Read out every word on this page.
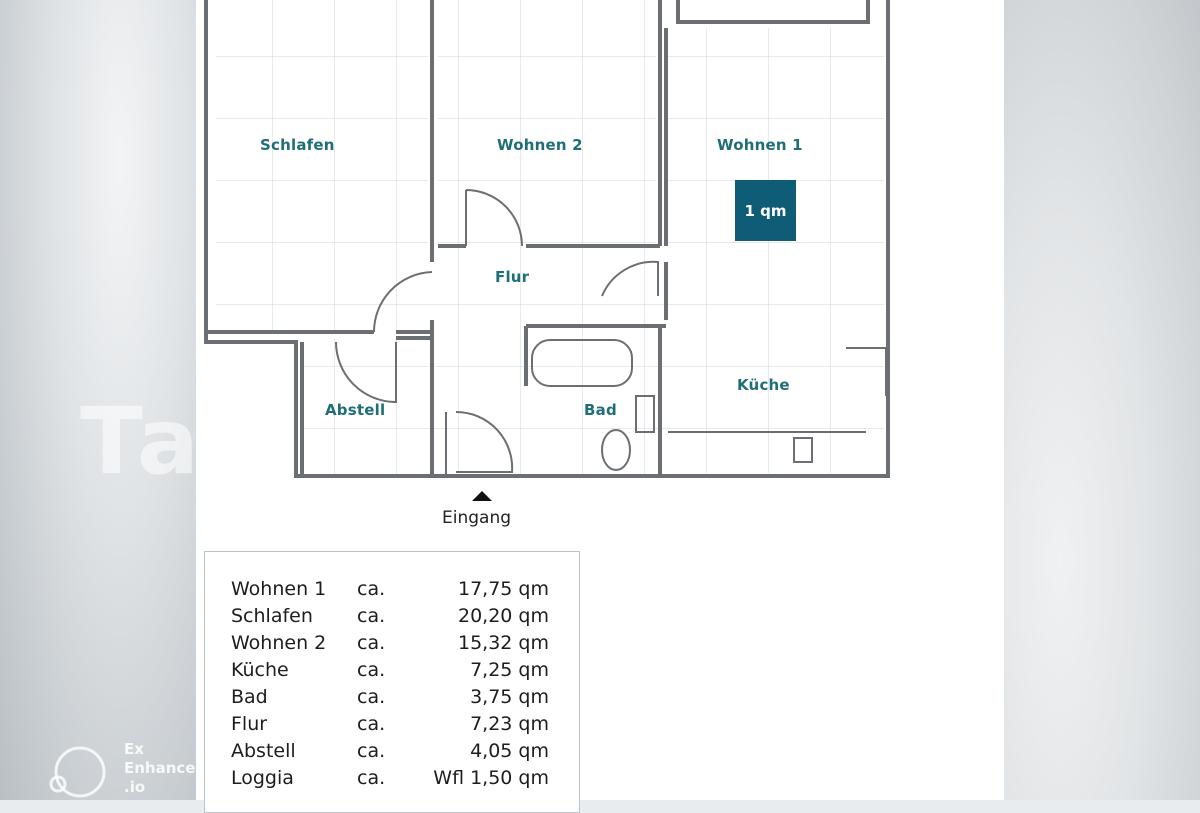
Schlafen	Wohnen 2	Wohnen 1
1 qm
Flur
Abstell	Bad
Küche
Eingang
Wohnen 1	ca.	17,75 qm
Schlafen	ca.	20,20 qm
Wohnen 2	ca.	15,32 qm
Küche	ca.	7,25 qm
Bad	ca.	3,75 qm
Flur	ca.	7,23 qm
Abstell	ca.	4,05 qm
Loggia	ca.	Wfl 1,50 qm
Tap
Ex
Enhance
.io
